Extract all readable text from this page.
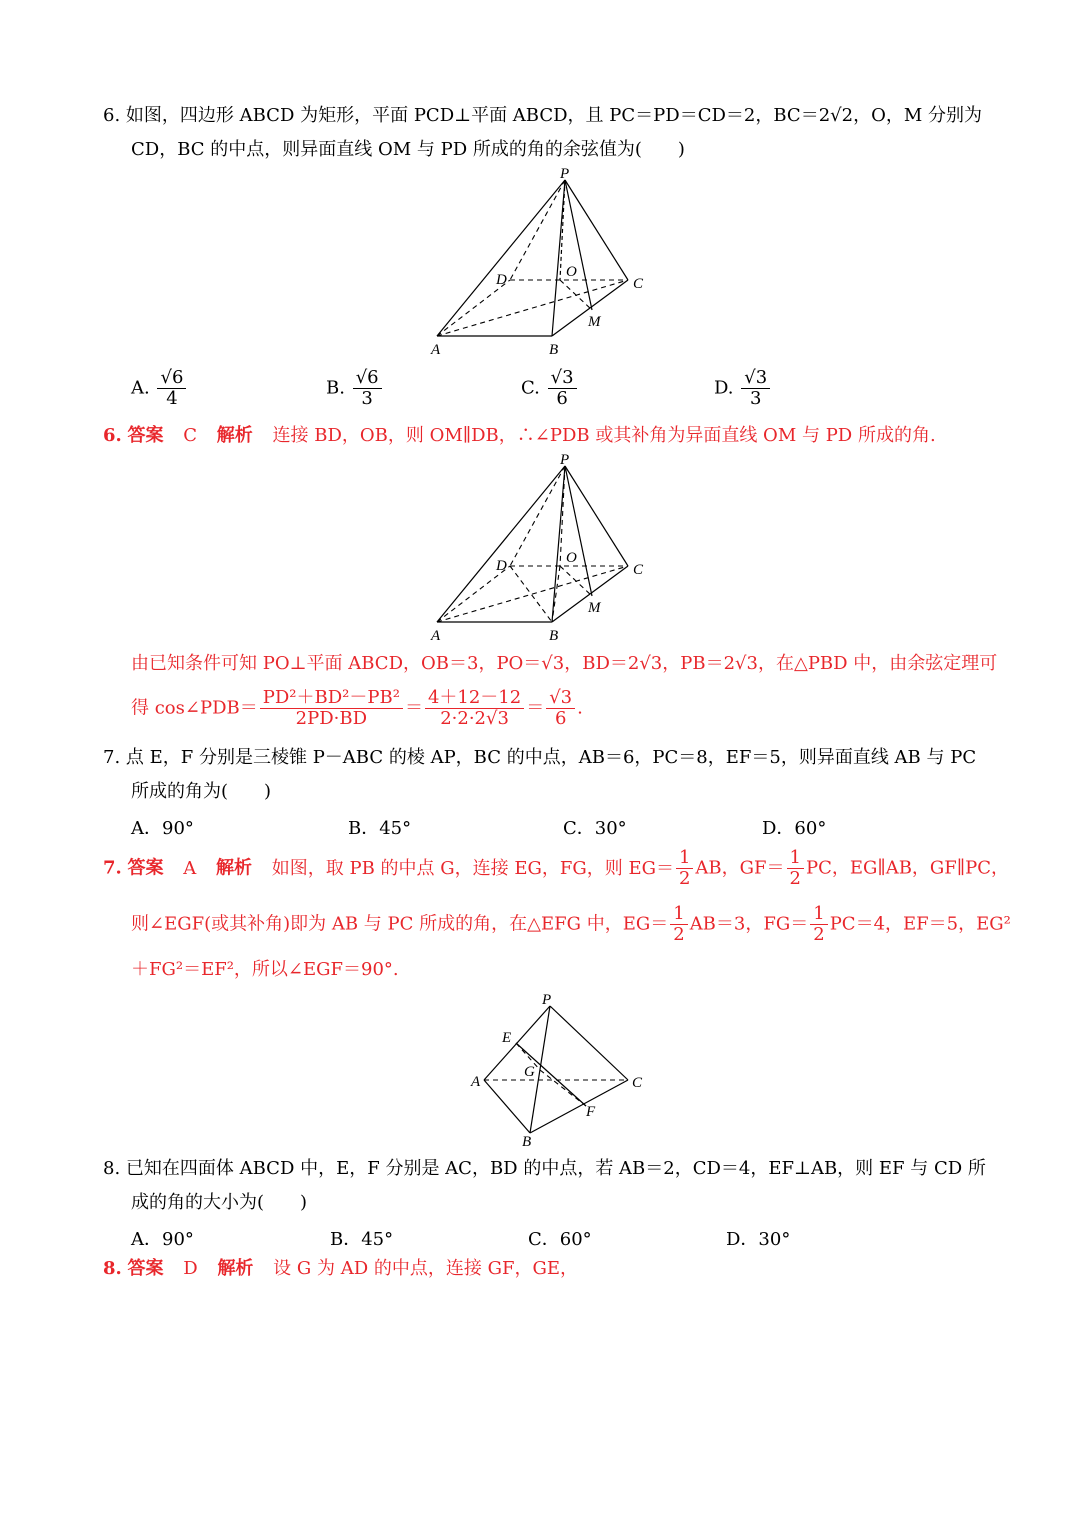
6. 如图，四边形 ABCD 为矩形，平面 PCD⊥平面 ABCD，且 PC＝PD＝CD＝2，BC＝2√2，O，M 分别为
CD，BC 的中点，则异面直线 OM 与 PD 所成的角的余弦值为(　　)
P
D	O
C
M
A	B
A. $\frac{√6}{4}$	B. $\frac{√6}{3}$	C. $\frac{√3}{6}$	D. $\frac{√3}{3}$
6. 答案 C 解析 连接 BD，OB，则 OM∥DB，∴∠PDB 或其补角为异面直线 OM 与 PD 所成的角.
P
D	O
C
M
A	B
由已知条件可知 PO⊥平面 ABCD，OB＝3，PO＝√3，BD＝2√3，PB＝2√3，在△PBD 中，由余弦定理可
得 cos∠PDB＝ $\frac{\text{PD²＋BD²－PB²}}{2PD\cdot BD} = \frac{4+12-12}{2\cdot 2\cdot 2√3} = \frac{√3}{6}$ .
7. 点 E，F 分别是三棱锥 P－ABC 的棱 AP，BC 的中点，AB＝6，PC＝8，EF＝5，则异面直线 AB 与 PC
所成的角为(　　)
A．90°	B．45°	C．30°	D．60°
7. 答案 A 解析 如图，取 PB 的中点 G，连接 EG，FG，则 $EG= \frac{1}{2}$ AB，$GF= \frac{1}{2}$ PC，EG∥AB，GF∥PC，
则∠EGF(或其补角)即为 AB 与 PC 所成的角，在△EFG 中，$EG= \frac{1}{2} AB=3$，$FG= \frac{1}{2} PC=4$，EF＝5，EG²
＋FG²＝EF²，所以∠EGF＝90°.
P
E
A
G
C
F
B
8. 已知在四面体 ABCD 中，E，F 分别是 AC，BD 的中点，若 AB＝2，CD＝4，EF⊥AB，则 EF 与 CD 所
成的角的大小为(　　)
A．90°	B．45°	C．60°	D．30°
8. 答案 D 解析 设 G 为 AD 的中点，连接 GF，GE，
